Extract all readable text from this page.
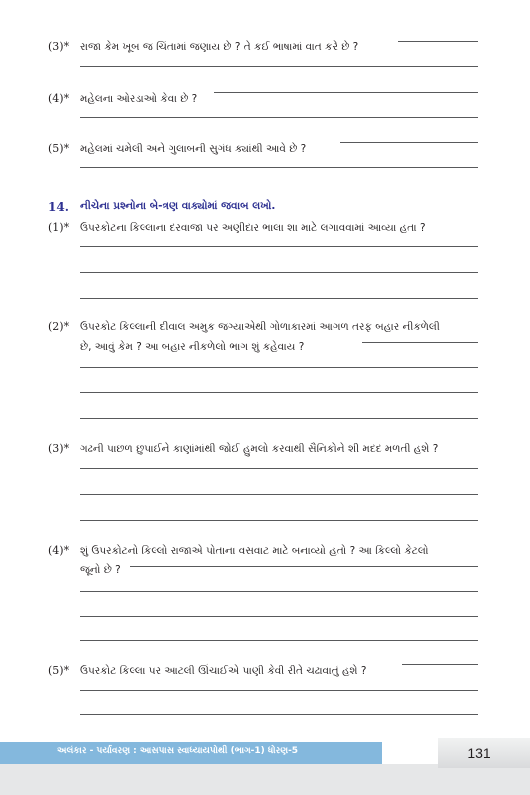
(3)* રાજા કેમ ખૂબ જ ચિંતામાં જણાય છે ? તે કઈ ભાષામાં વાત કરે છે ?
(4)* મહેલના ઓરડાઓ કેવા છે ?
(5)* મહેલમાં ચમેલી અને ગુલાબની સુગંધ ક્યાંથી આવે છે ?
14. નીચેના પ્રશ્નોના બે-ત્રણ વાક્યોમાં જવાબ લખો.
(1)* ઉપરકોટના કિલ્લાના દરવાજા પર અણીદાર ભાલા શા માટે લગાવવામાં આવ્યા હતા ?
(2)* ઉપરકોટ કિલ્લાની દીવાલ અમુક જગ્યાએથી ગોળાકારમાં આગળ તરફ બહાર નીકળેલી
છે, આવું કેમ ? આ બહાર નીકળેલો ભાગ શું કહેવાય ?
(3)* ગઢની પાછળ છુપાઈને કાણાંમાંથી જોઈ હુમલો કરવાથી સૈનિકોને શી મદદ મળતી હશે ?
(4)* શું ઉપરકોટનો કિલ્લો રાજાએ પોતાના વસવાટ માટે બનાવ્યો હતો ? આ કિલ્લો કેટલો
જૂનો છે ?
(5)* ઉપરકોટ કિલ્લા પર આટલી ઊંચાઈએ પાણી કેવી રીતે ચઢાવાતું હશે ?
અલંકાર - પર્યાવરણ : આસપાસ સ્વાધ્યાયપોથી (ભાગ-1) ધોરણ-5	131
